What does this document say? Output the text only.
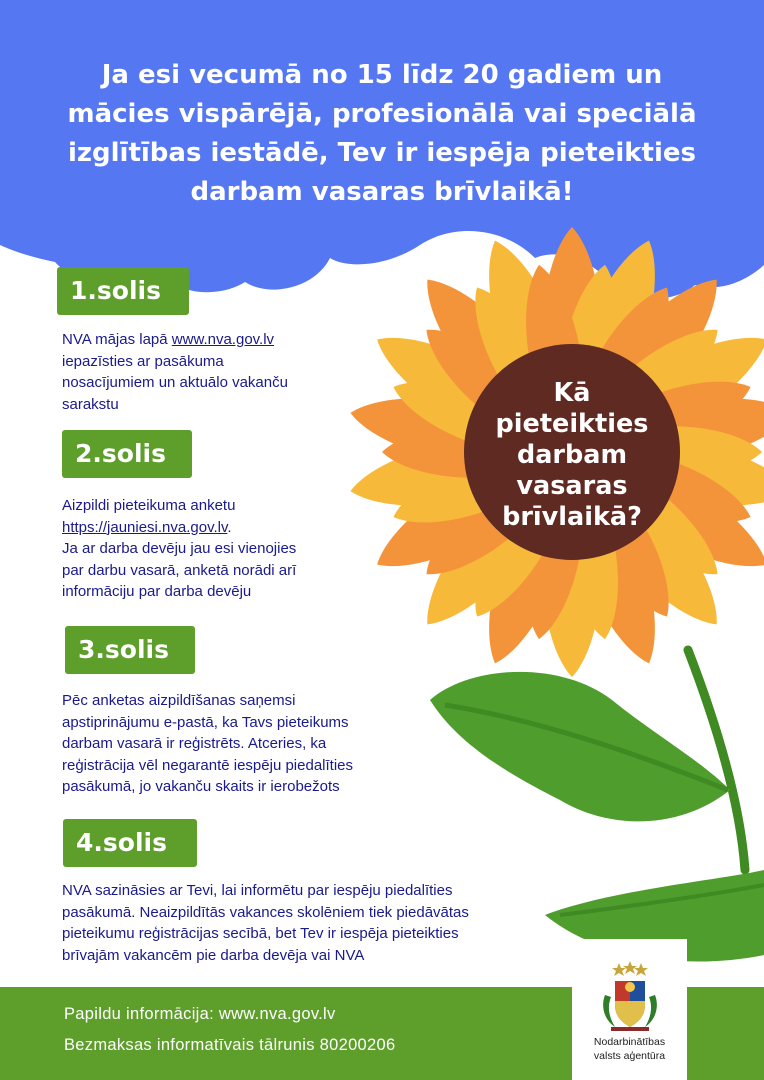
Ja esi vecumā no 15 līdz 20 gadiem un
mācies vispārējā, profesionālā vai speciālā
izglītības iestādē, Tev ir iespēja pieteikties
darbam vasaras brīvlaikā!
Kā
pieteikties
darbam
vasaras
brīvlaikā?
1.solis
NVA mājas lapā www.nva.gov.lv
iepazīsties ar pasākuma
nosacījumiem un aktuālo vakanču
sarakstu
2.solis
Aizpildi pieteikuma anketu
https://jauniesi.nva.gov.lv.
Ja ar darba devēju jau esi vienojies
par darbu vasarā, anketā norādi arī
informāciju par darba devēju
3.solis
Pēc anketas aizpildīšanas saņemsi
apstiprinājumu e-pastā, ka Tavs pieteikums
darbam vasarā ir reģistrēts. Atceries, ka
reģistrācija vēl negarantē iespēju piedalīties
pasākumā, jo vakanču skaits ir ierobežots
4.solis
NVA sazināsies ar Tevi, lai informētu par iespēju piedalīties
pasākumā. Neaizpildītās vakances skolēniem tiek piedāvātas
pieteikumu reģistrācijas secībā, bet Tev ir iespēja pieteikties
brīvajām vakancēm pie darba devēja vai NVA
Papildu informācija: www.nva.gov.lv
Bezmaksas informatīvais tālrunis 80200206	Nodarbinātības
valsts aģentūra
